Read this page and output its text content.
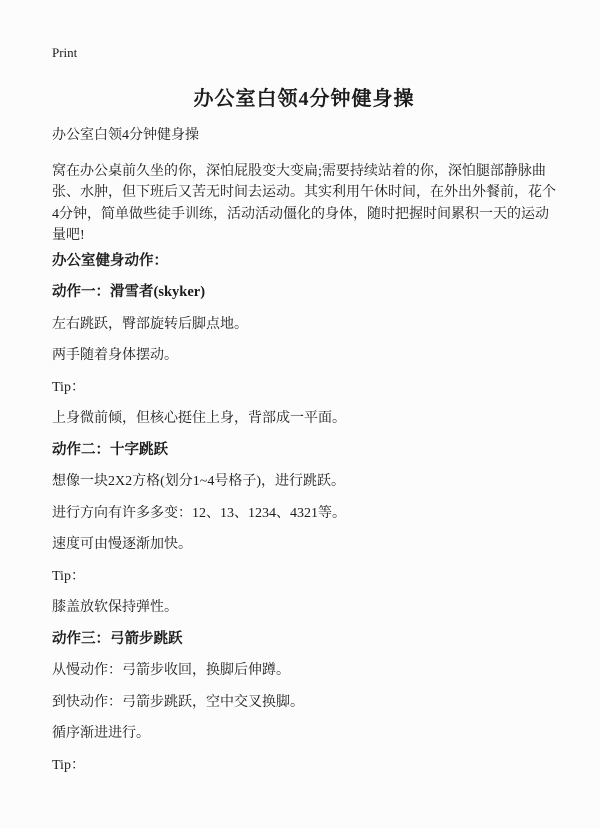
Print
办公室白领4分钟健身操

办公室白领4分钟健身操

窝在办公桌前久坐的你，深怕屁股变大变扁;需要持续站着的你，深怕腿部静脉曲张、水肿，但下班后又苦无时间去运动。其实利用午休时间，在外出外餐前，花个4分钟，简单做些徒手训练，活动活动僵化的身体，随时把握时间累积一天的运动量吧!

办公室健身动作：
动作一：滑雪者(skyker)

左右跳跃，臀部旋转后脚点地。

两手随着身体摆动。

Tip：

上身微前倾，但核心挺住上身，背部成一平面。

动作二：十字跳跃

想像一块2X2方格(划分1~4号格子)，进行跳跃。

进行方向有许多多变：12、13、1234、4321等。

速度可由慢逐渐加快。

Tip：

膝盖放软保持弹性。

动作三：弓箭步跳跃

从慢动作：弓箭步收回，换脚后伸蹲。

到快动作：弓箭步跳跃，空中交叉换脚。

循序渐进进行。

Tip：
